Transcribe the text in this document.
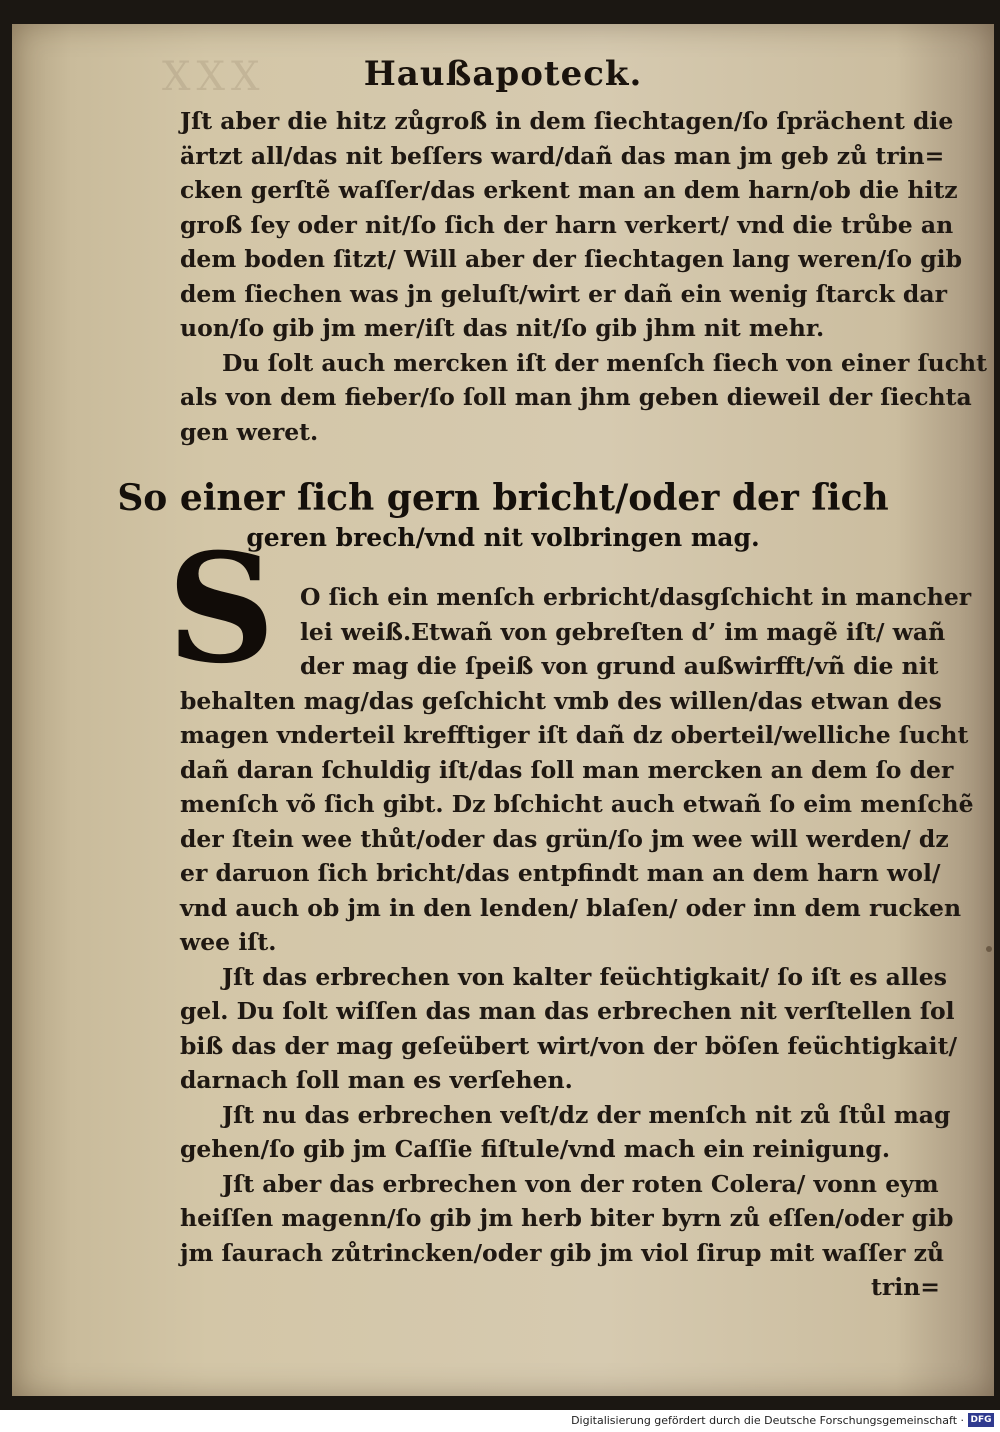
XXX	Haußapoteck.
Jſt aber die hitz zůgroß in dem ſiechtagen/ſo ſprächent die
ärtzt all/das nit beſſers ward/dañ das man jm geb zů trin=
cken gerſtẽ waſſer/das erkent man an dem harn/ob die hitz
groß ſey oder nit/ſo ſich der harn verkert/ vnd die trůbe an
dem boden ſitzt/ Will aber der ſiechtagen lang weren/ſo gib
dem ſiechen was jn geluſt/wirt er dañ ein wenig ſtarck dar
uon/ſo gib jm mer/iſt das nit/ſo gib jhm nit mehr.
Du ſolt auch mercken iſt der menſch ſiech von einer ſucht
als von dem fieber/ſo ſoll man jhm geben dieweil der ſiechta
gen weret.
So einer ſich gern bricht/oder der ſich
geren brech/vnd nit volbringen mag.
S	O ſich ein menſch erbricht/dasgſchicht in mancher
lei weiß.Etwañ von gebreſten d’ im magẽ iſt/ wañ
der mag die ſpeiß von grund außwirfft/vñ die nit
behalten mag/das geſchicht vmb des willen/das etwan des
magen vnderteil krefftiger iſt dañ dz oberteil/welliche ſucht
dañ daran ſchuldig iſt/das ſoll man mercken an dem ſo der
menſch võ ſich gibt. Dz bſchicht auch etwañ ſo eim menſchẽ
der ſtein wee thůt/oder das grün/ſo jm wee will werden/ dz
er daruon ſich bricht/das entpfindt man an dem harn wol/
vnd auch ob jm in den lenden/ blaſen/ oder inn dem rucken
wee iſt.
Jſt das erbrechen von kalter feüchtigkait/ ſo iſt es alles
gel. Du ſolt wiſſen das man das erbrechen nit verſtellen ſol
biß das der mag geſeübert wirt/von der böſen feüchtigkait/
darnach ſoll man es verſehen.
Jſt nu das erbrechen veſt/dz der menſch nit zů ſtůl mag
gehen/ſo gib jm Caſſie fiſtule/vnd mach ein reinigung.
Jſt aber das erbrechen von der roten Colera/ vonn eym
heiſſen magenn/ſo gib jm herb biter byrn zů eſſen/oder gib
jm ſaurach zůtrincken/oder gib jm viol ſirup mit waſſer zů
trin=
Digitalisierung gefördert durch die Deutsche Forschungsgemeinschaft · DFG
